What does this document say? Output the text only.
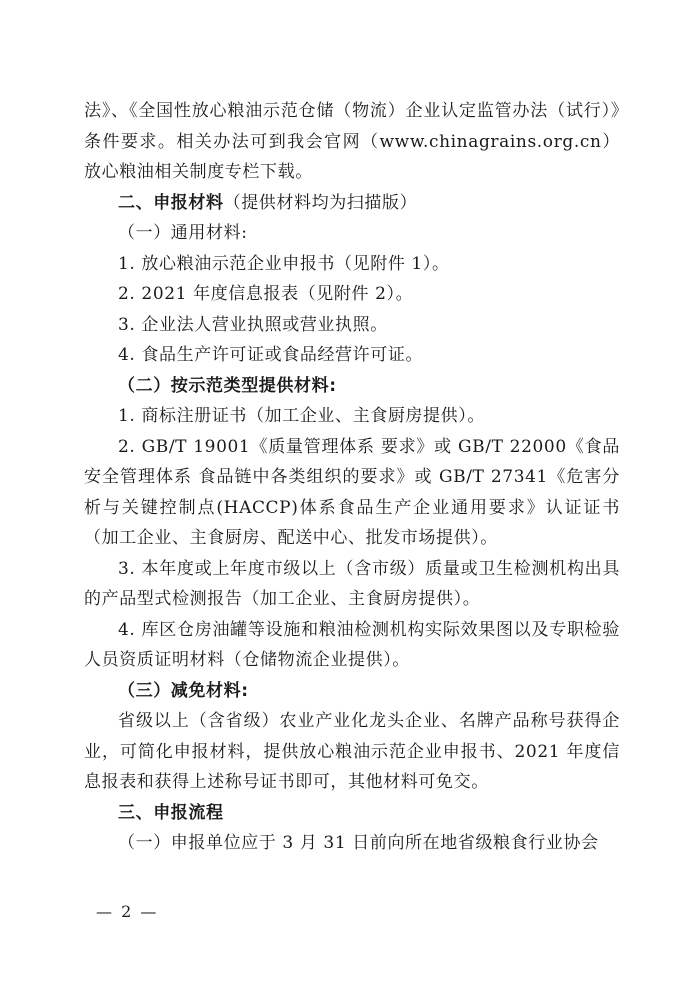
法》、《全国性放心粮油示范仓储（物流）企业认定监管办法（试行）》条件要求。相关办法可到我会官网（www.chinagrains.org.cn）放心粮油相关制度专栏下载。

二、申报材料（提供材料均为扫描版）

（一）通用材料:

1. 放心粮油示范企业申报书（见附件 1）。

2. 2021 年度信息报表（见附件 2）。

3. 企业法人营业执照或营业执照。

4. 食品生产许可证或食品经营许可证。

（二）按示范类型提供材料:

1. 商标注册证书（加工企业、主食厨房提供）。

2. GB/T 19001《质量管理体系 要求》或 GB/T 22000《食品安全管理体系 食品链中各类组织的要求》或 GB/T 27341《危害分析与关键控制点(HACCP)体系食品生产企业通用要求》认证证书（加工企业、主食厨房、配送中心、批发市场提供）。

3. 本年度或上年度市级以上（含市级）质量或卫生检测机构出具的产品型式检测报告（加工企业、主食厨房提供）。

4. 库区仓房油罐等设施和粮油检测机构实际效果图以及专职检验人员资质证明材料（仓储物流企业提供）。

（三）减免材料:

省级以上（含省级）农业产业化龙头企业、名牌产品称号获得企业，可简化申报材料，提供放心粮油示范企业申报书、2021 年度信息报表和获得上述称号证书即可，其他材料可免交。

三、申报流程

（一）申报单位应于 3 月 31 日前向所在地省级粮食行业协会

— 2 —
